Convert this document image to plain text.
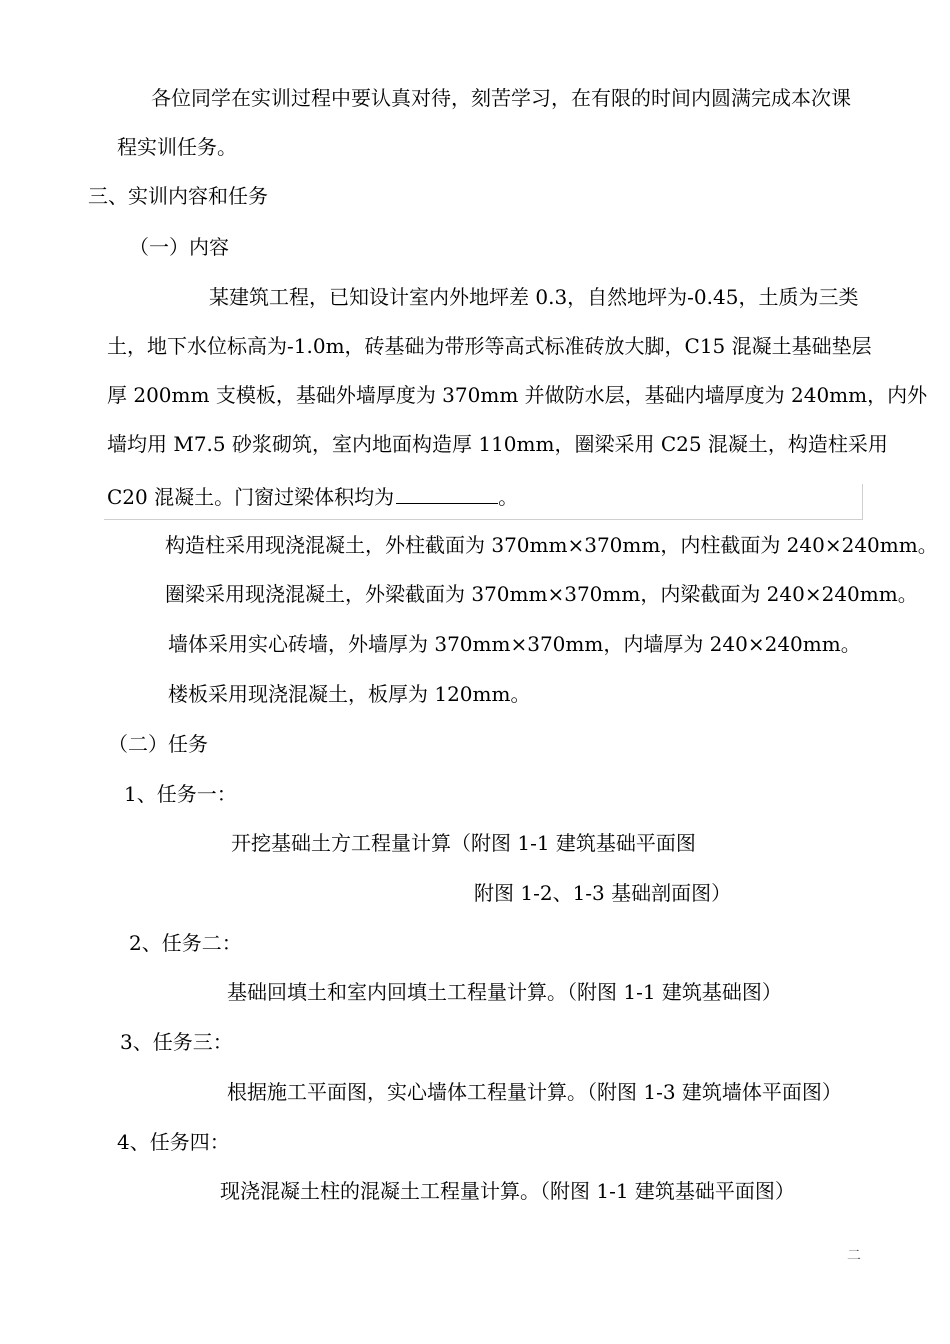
各位同学在实训过程中要认真对待，刻苦学习，在有限的时间内圆满完成本次课
程实训任务。
三、实训内容和任务
（一）内容
某建筑工程，已知设计室内外地坪差 0.3，自然地坪为-0.45，土质为三类
土，地下水位标高为-1.0m，砖基础为带形等高式标准砖放大脚，C15 混凝土基础垫层
厚 200mm 支模板，基础外墙厚度为 370mm 并做防水层，基础内墙厚度为 240mm，内外
墙均用 M7.5 砂浆砌筑，室内地面构造厚 110mm，圈梁采用 C25 混凝土，构造柱采用
C20 混凝土。门窗过梁体积均为	。
构造柱采用现浇混凝土，外柱截面为 370mm×370mm，内柱截面为 240×240mm。
圈梁采用现浇混凝土，外梁截面为 370mm×370mm，内梁截面为 240×240mm。
墙体采用实心砖墙，外墙厚为 370mm×370mm，内墙厚为 240×240mm。
楼板采用现浇混凝土，板厚为 120mm。
（二）任务
1、任务一：
开挖基础土方工程量计算（附图 1-1 建筑基础平面图
附图 1-2、1-3 基础剖面图）
2、任务二：
基础回填土和室内回填土工程量计算。（附图 1-1 建筑基础图）
3、任务三：
根据施工平面图，实心墙体工程量计算。（附图 1-3 建筑墙体平面图）
4、任务四：
现浇混凝土柱的混凝土工程量计算。（附图 1-1 建筑基础平面图）
二
